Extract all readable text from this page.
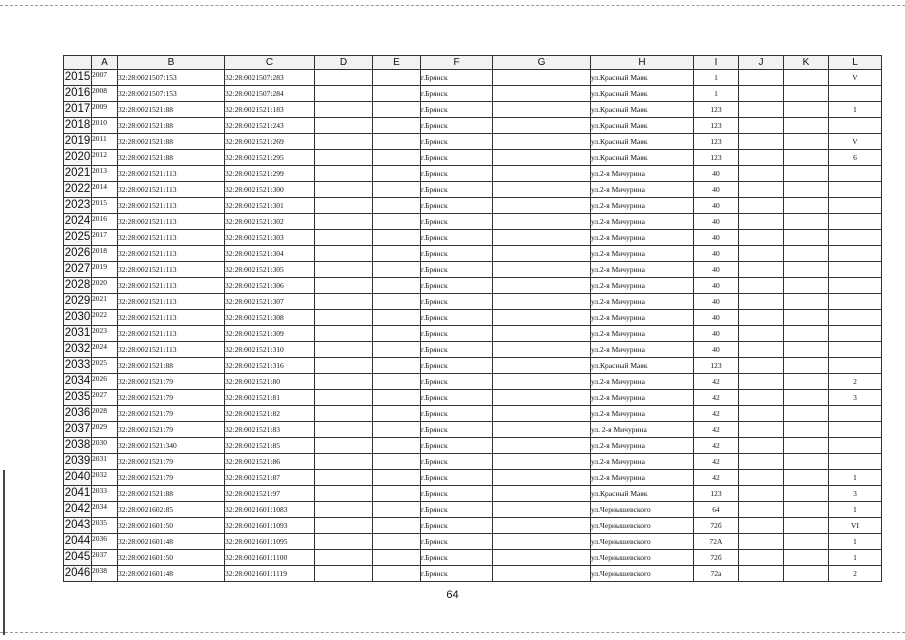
	A	B	C	D	E	F	G	H	I	J	K	L
2015	2007	32:28:0021507:153	32:28:0021507:283			г.Брянск		ул.Красный Маяк	1			V
2016	2008	32:28:0021507:153	32:28:0021507:284			г.Брянск		ул.Красный Маяк	1			
2017	2009	32:28:0021521:88	32:28:0021521:183			г.Брянск		ул.Красный Маяк	123			I
2018	2010	32:28:0021521:88	32:28:0021521:243			г.Брянск		ул.Красный Маяк	123			
2019	2011	32:28:0021521:88	32:28:0021521:269			г.Брянск		ул.Красный Маяк	123			V
2020	2012	32:28:0021521:88	32:28:0021521:295			г.Брянск		ул.Красный Маяк	123			6
2021	2013	32:28:0021521:113	32:28:0021521:299			г.Брянск		ул.2-я Мичурина	40			
2022	2014	32:28:0021521:113	32:28:0021521:300			г.Брянск		ул.2-я Мичурина	40			
2023	2015	32:28:0021521:113	32:28:0021521:301			г.Брянск		ул.2-я Мичурина	40			
2024	2016	32:28:0021521:113	32:28:0021521:302			г.Брянск		ул.2-я Мичурина	40			
2025	2017	32:28:0021521:113	32:28:0021521:303			г.Брянск		ул.2-я Мичурина	40			
2026	2018	32:28:0021521:113	32:28:0021521:304			г.Брянск		ул.2-я Мичурина	40			
2027	2019	32:28:0021521:113	32:28:0021521:305			г.Брянск		ул.2-я Мичурина	40			
2028	2020	32:28:0021521:113	32:28:0021521:306			г.Брянск		ул.2-я Мичурина	40			
2029	2021	32:28:0021521:113	32:28:0021521:307			г.Брянск		ул.2-я Мичурина	40			
2030	2022	32:28:0021521:113	32:28:0021521:308			г.Брянск		ул.2-я Мичурина	40			
2031	2023	32:28:0021521:113	32:28:0021521:309			г.Брянск		ул.2-я Мичурина	40			
2032	2024	32:28:0021521:113	32:28:0021521:310			г.Брянск		ул.2-я Мичурина	40			
2033	2025	32:28:0021521:88	32:28:0021521:316			г.Брянск		ул.Красный Маяк	123			
2034	2026	32:28:0021521:79	32:28:0021521:80			г.Брянск		ул.2-я Мичурина	42			2
2035	2027	32:28:0021521:79	32:28:0021521:81			г.Брянск		ул.2-я Мичурина	42			3
2036	2028	32:28:0021521:79	32:28:0021521:82			г.Брянск		ул.2-я Мичурина	42			
2037	2029	32:28:0021521:79	32:28:0021521:83			г.Брянск		ул. 2-я Мичурина	42			
2038	2030	32:28:0021521:340	32:28:0021521:85			г.Брянск		ул.2-я Мичурина	42			
2039	2031	32:28:0021521:79	32:28:0021521:86			г.Брянск		ул.2-я Мичурина	42			
2040	2032	32:28:0021521:79	32:28:0021521:87			г.Брянск		ул.2-я Мичурина	42			I
2041	2033	32:28:0021521:88	32:28:0021521:97			г.Брянск		ул.Красный Маяк	123			3
2042	2034	32:28:0021602:85	32:28:0021601:1083			г.Брянск		ул.Чернышевского	64			I
2043	2035	32:28:0021601:50	32:28:0021601:1093			г.Брянск		ул.Чернышевского	72б			VI
2044	2036	32:28:0021601:48	32:28:0021601:1095			г.Брянск		ул.Чернышевского	72А			I
2045	2037	32:28:0021601:50	32:28:0021601:1100			г.Брянск		ул.Чернышевского	72б			1
2046	2038	32:28:0021601:48	32:28:0021601:1119			г.Брянск		ул.Чернышевского	72а			2
64
